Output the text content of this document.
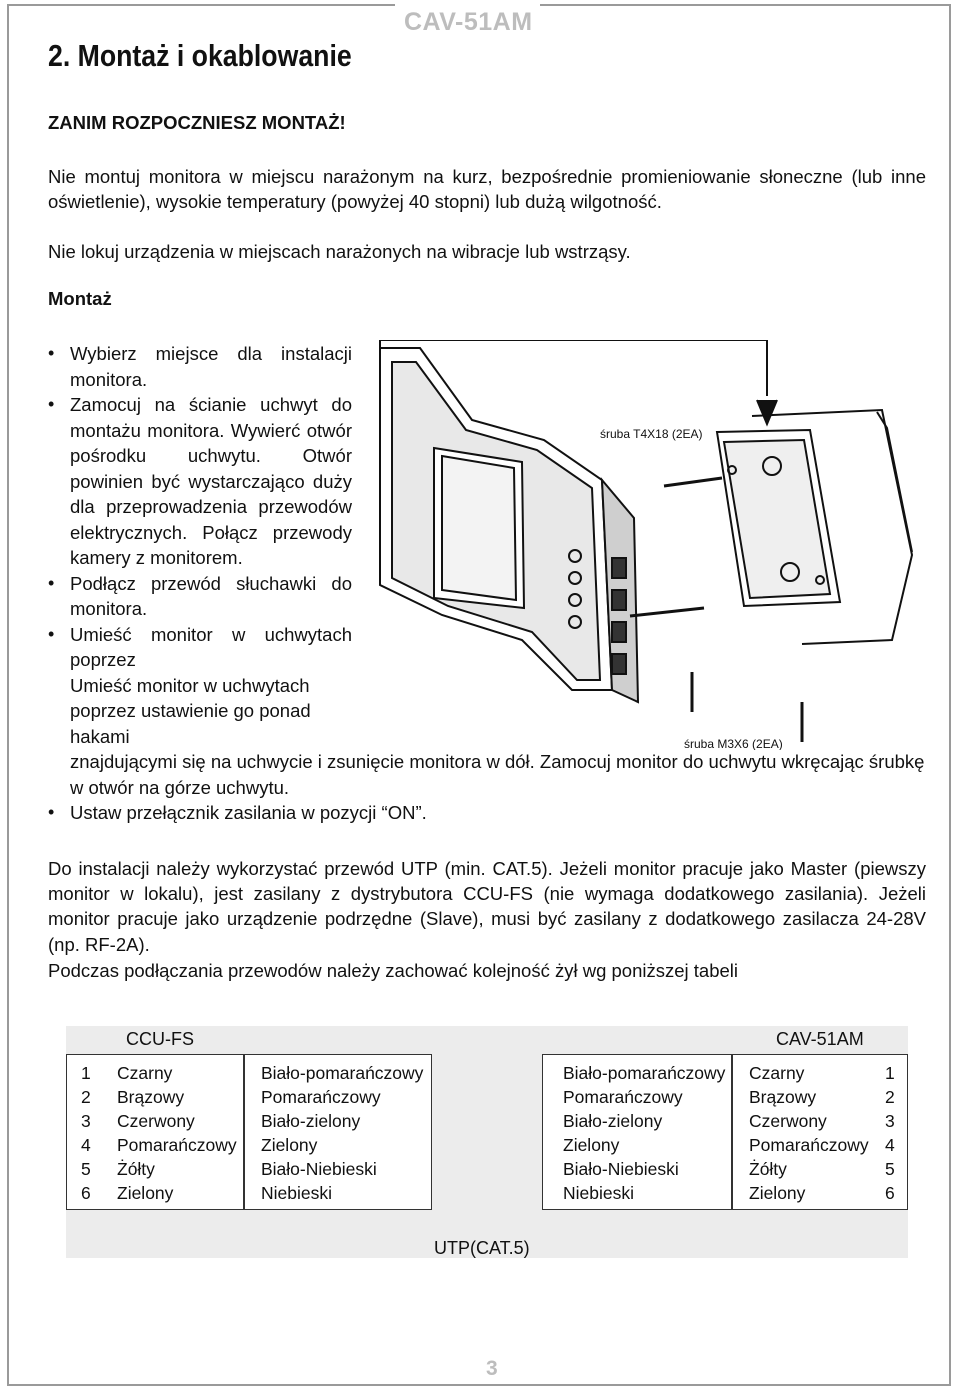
CAV-51AM
2. Montaż i okablowanie
ZANIM ROZPOCZNIESZ MONTAŻ!
Nie montuj monitora w miejscu narażonym na kurz, bezpośrednie promieniowanie słoneczne (lub inne oświetlenie), wysokie temperatury (powyżej 40 stopni) lub dużą wilgotność.
Nie lokuj urządzenia w miejscach narażonych na wibracje lub wstrząsy.
Montaż
• Wybierz miejsce dla instalacji monitora.
• Zamocuj na ścianie uchwyt do montażu monitora. Wywierć otwór pośrodku uchwytu. Otwór powinien być wystarczająco duży dla przeprowadzenia przewodów elektrycznych. Połącz przewody kamery z monitorem.
• Podłącz przewód słuchawki do monitora.
• Umieść monitor w uchwytach poprzez
Umieść monitor w uchwytach poprzez ustawienie go ponad hakami
• znajdującymi się na uchwycie i zsunięcie monitora w dół. Zamocuj monitor do uchwytu wkręcając śrubkę w otwór na górze uchwytu.
• Ustaw przełącznik zasilania w pozycji “ON”.
śruba T4X18 (2EA)
śruba M3X6 (2EA)
Do instalacji należy wykorzystać przewód UTP (min. CAT.5). Jeżeli monitor pracuje jako Master (piewszy monitor w lokalu), jest zasilany z dystrybutora CCU-FS (nie wymaga dodatkowego zasilania). Jeżeli monitor pracuje jako urządzenie podrzędne (Slave), musi być zasilany z dodatkowego zasilacza 24-28V (np. RF-2A).
Podczas podłączania przewodów należy zachować kolejność żył wg poniższej tabeli
CCU-FS	CAV-51AM
1
2
3
4
5
6
Czarny
Brązowy
Czerwony
Pomarańczowy
Żółty
Zielony
Biało-pomarańczowy
Pomarańczowy
Biało-zielony
Zielony
Biało-Niebieski
Niebieski
Biało-pomarańczowy
Pomarańczowy
Biało-zielony
Zielony
Biało-Niebieski
Niebieski
Czarny
Brązowy
Czerwony
Pomarańczowy
Żółty
Zielony
1
2
3
4
5
6
UTP(CAT.5)
3
